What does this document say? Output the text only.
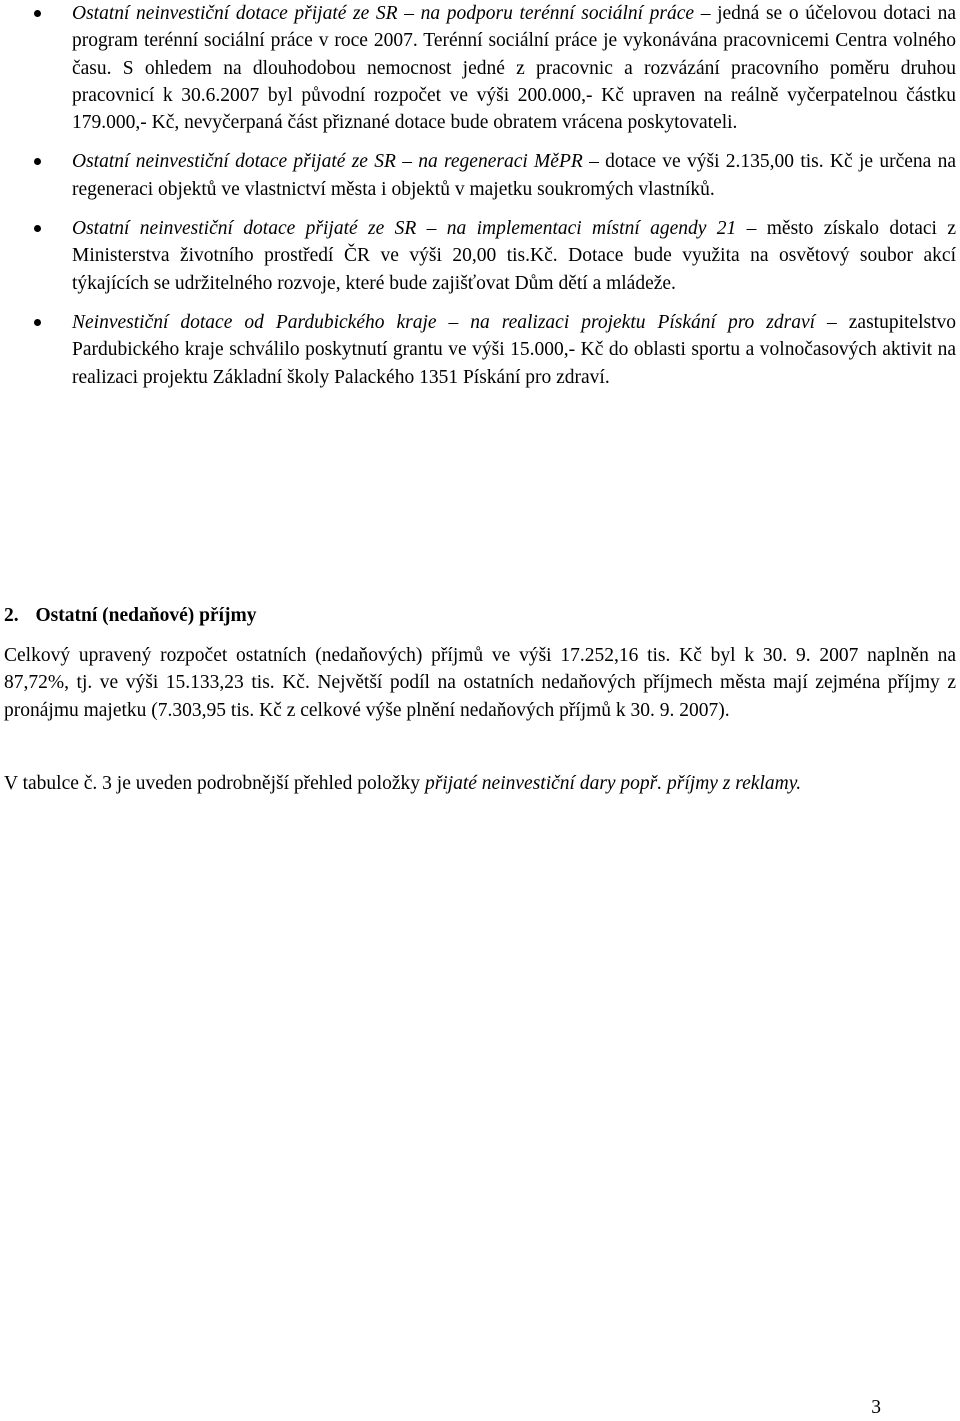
Ostatní neinvestiční dotace přijaté ze SR – na podporu terénní sociální práce – jedná se o účelovou dotaci na program terénní sociální práce v roce 2007. Terénní sociální práce je vykonávána pracovnicemi Centra volného času. S ohledem na dlouhodobou nemocnost jedné z pracovnic a rozvázání pracovního poměru druhou pracovnicí k 30.6.2007 byl původní rozpočet ve výši 200.000,- Kč upraven na reálně vyčerpatelnou částku 179.000,- Kč, nevyčerpaná část přiznané dotace bude obratem vrácena poskytovateli.
Ostatní neinvestiční dotace přijaté ze SR – na regeneraci MěPR – dotace ve výši 2.135,00 tis. Kč je určena na regeneraci objektů ve vlastnictví města i objektů v majetku soukromých vlastníků.
Ostatní neinvestiční dotace přijaté ze SR – na implementaci místní agendy 21 – město získalo dotaci z Ministerstva životního prostředí ČR ve výši 20,00 tis.Kč. Dotace bude využita na osvětový soubor akcí týkajících se udržitelného rozvoje, které bude zajišťovat Dům dětí a mládeže.
Neinvestiční dotace od Pardubického kraje – na realizaci projektu Pískání pro zdraví – zastupitelstvo Pardubického kraje schválilo poskytnutí grantu ve výši 15.000,- Kč do oblasti sportu a volnočasových aktivit na realizaci projektu Základní školy Palackého 1351 Pískání pro zdraví.
2. Ostatní (nedaňové) příjmy
Celkový upravený rozpočet ostatních (nedaňových) příjmů ve výši 17.252,16 tis. Kč byl k 30. 9. 2007 naplněn na 87,72%, tj. ve výši 15.133,23 tis. Kč. Největší podíl na ostatních nedaňových příjmech města mají zejména příjmy z pronájmu majetku (7.303,95 tis. Kč z celkové výše plnění nedaňových příjmů k 30. 9. 2007).
V tabulce č. 3 je uveden podrobnější přehled položky přijaté neinvestiční dary popř. příjmy z reklamy.
3
